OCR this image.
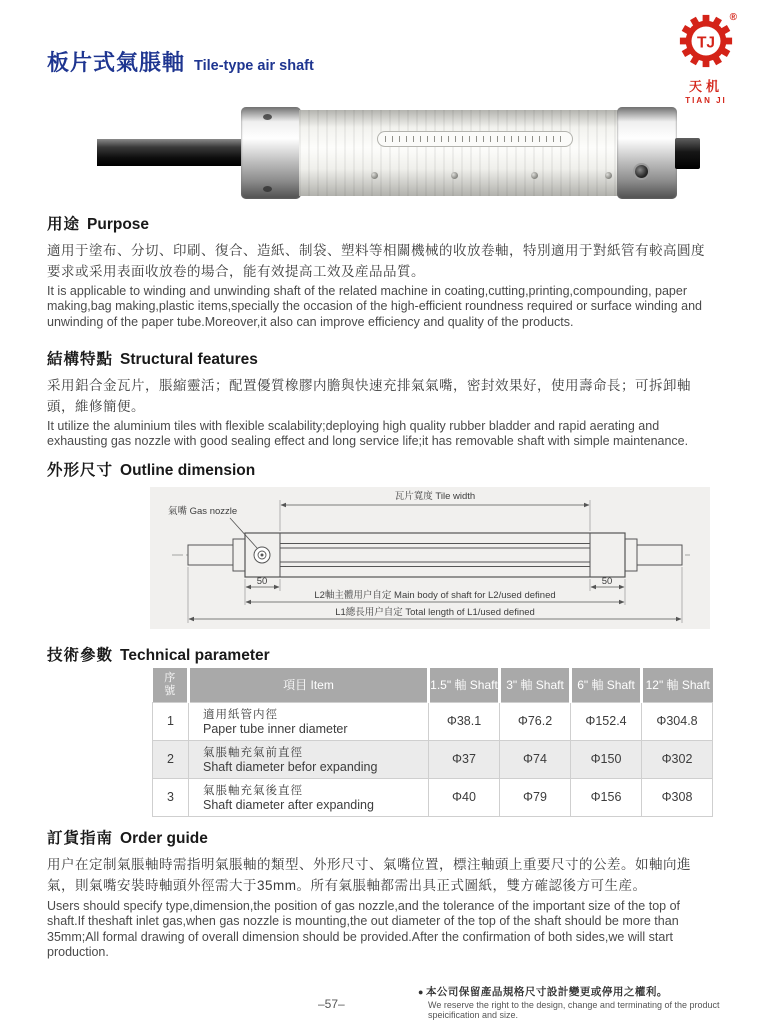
板片式氣脹軸 Tile-type air shaft
®
TJ
天机
TIAN JI
用途 Purpose
適用于塗布、分切、印刷、復合、造紙、制袋、塑料等相關機械的收放卷軸，特別適用于對紙管有較高圓度要求或采用表面收放卷的場合，能有效提高工效及産品品質。
It is applicable to winding and unwinding shaft of the related machine in coating,cutting,printing,compounding, paper making,bag making,plastic items,specially the occasion of the high-efficient roundness required or surface winding and unwinding of the paper tube.Moreover,it also can improve efficiency and quality of the products.
結構特點 Structural features
采用鋁合金瓦片，脹縮靈活；配置優質橡膠内膽與快速充排氣氣嘴，密封效果好，使用壽命長；可拆卸軸頭，維修簡便。
It utilize the aluminium tiles with flexible scalability;deploying high quality rubber bladder and rapid aerating and exhausting gas nozzle with good sealing effect and long service life;it has removable shaft with simple maintenance.
外形尺寸 Outline dimension
氣嘴 Gas nozzle
瓦片寬度 Tile width
50	50
L2軸主體用户自定 Main body of shaft for L2/used defined
L1總長用户自定 Total length of L1/used defined
技術參數 Technical parameter
序號	項目 Item	1.5" 軸 Shaft	3" 軸 Shaft	6" 軸 Shaft	12" 軸 Shaft
1	適用紙管内徑
Paper tube inner diameter	Φ38.1	Φ76.2	Φ152.4	Φ304.8
2	氣脹軸充氣前直徑
Shaft diameter befor expanding	Φ37	Φ74	Φ150	Φ302
3	氣脹軸充氣後直徑
Shaft diameter after expanding	Φ40	Φ79	Φ156	Φ308
訂貨指南 Order guide
用户在定制氣脹軸時需指明氣脹軸的類型、外形尺寸、氣嘴位置，標注軸頭上重要尺寸的公差。如軸向進氣，則氣嘴安裝時軸頭外徑需大于35mm。所有氣脹軸都需出具正式圖紙，雙方確認後方可生産。
Users should specify type,dimension,the position of gas nozzle,and the tolerance of the important size of the top of shaft.If theshaft inlet gas,when gas nozzle is mounting,the out diameter of the top of the shaft should be more than 35mm;All formal drawing of overall dimension should be provided.After the confirmation of both sides,we will start production.
–57–
● 本公司保留產品規格尺寸設計變更或停用之權利。
We reserve the right to the design, change and terminating of the product speicification and size.
